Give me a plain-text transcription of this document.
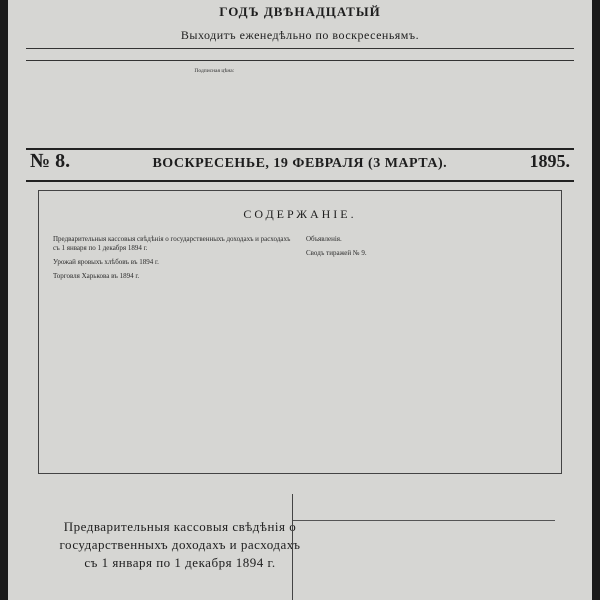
ГОДЪ ДВѢНАДЦАТЫЙ
Выходитъ еженедѣльно по воскресеньямъ.
Подписная цѣна:
№ 8.	ВОСКРЕСЕНЬЕ, 19 ФЕВРАЛЯ (3 МАРТА).	1895.
СОДЕРЖАНІЕ.

Предварительныя кассовыя свѣдѣнія о государственныхъ доходахъ и расходахъ съ 1 января по 1 декабря 1894 г.

Урожай яровыхъ хлѣбовъ въ 1894 г.

Торговля Харькова въ 1894 г.

Объявленія.

Сводъ тиражей № 9.

Предварительныя кассовыя свѣдѣнія о государственныхъ доходахъ и расходахъ съ 1 января по 1 декабря 1894 г.
